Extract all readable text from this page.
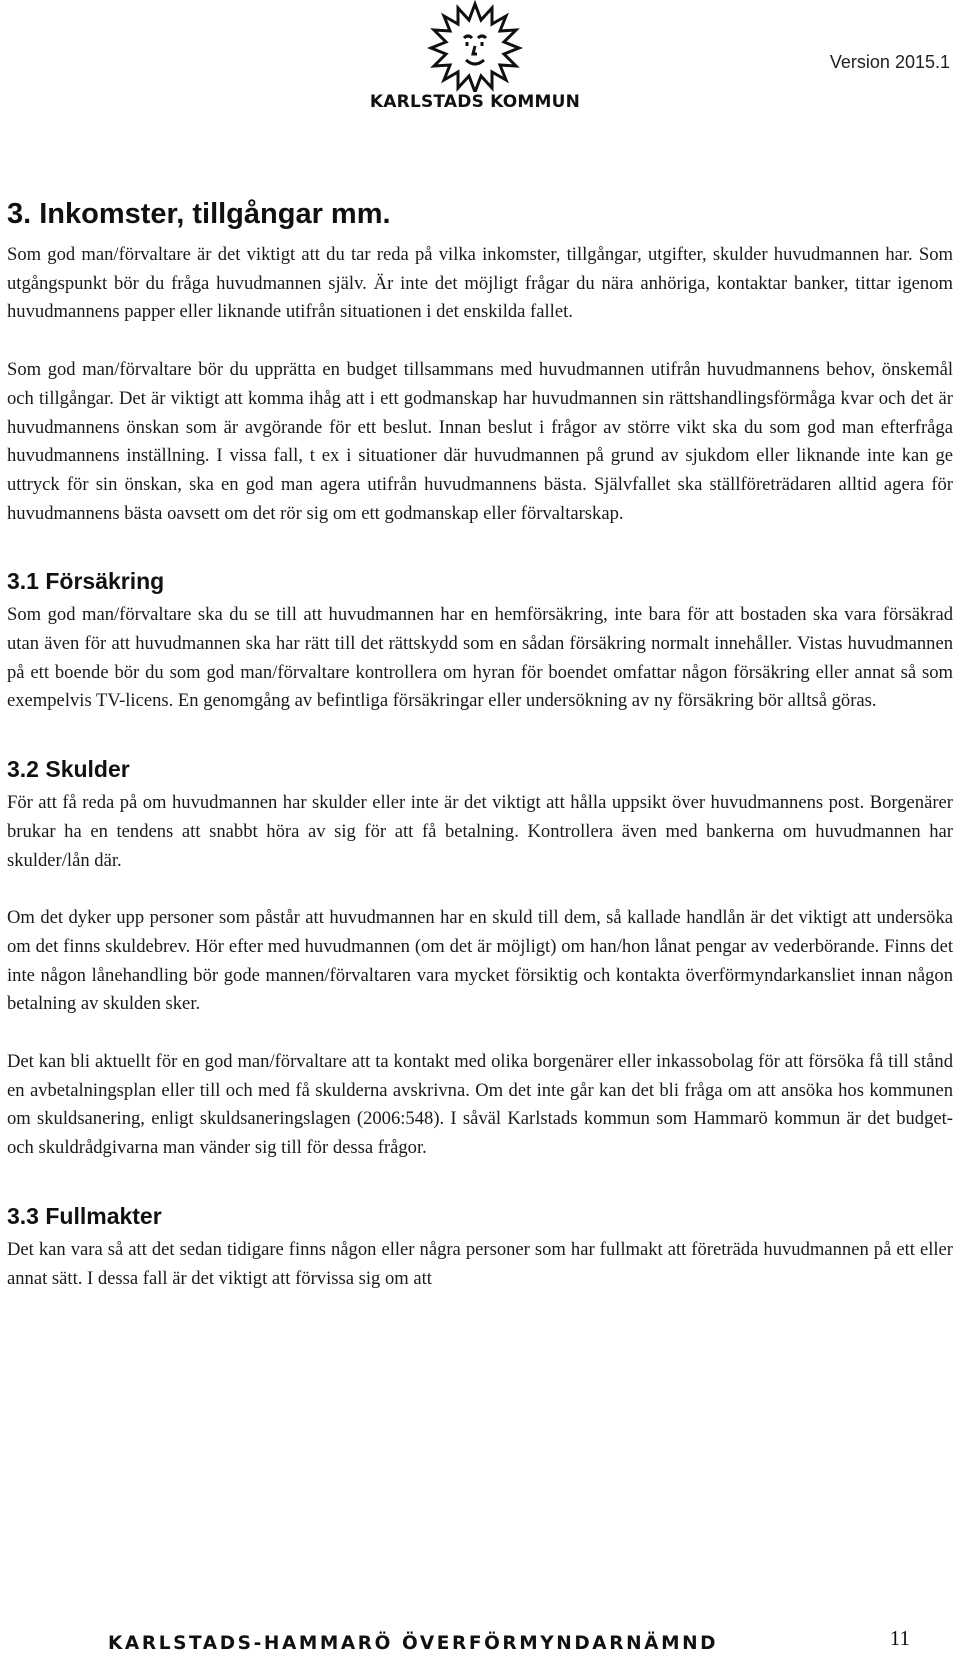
KARLSTADS KOMMUN
Version 2015.1
3. Inkomster, tillgångar mm.

Som god man/förvaltare är det viktigt att du tar reda på vilka inkomster, tillgångar, utgifter, skulder huvudmannen har. Som utgångspunkt bör du fråga huvudmannen själv. Är inte det möjligt frågar du nära anhöriga, kontaktar banker, tittar igenom huvudmannens papper eller liknande utifrån situationen i det enskilda fallet.

Som god man/förvaltare bör du upprätta en budget tillsammans med huvudmannen utifrån huvudmannens behov, önskemål och tillgångar. Det är viktigt att komma ihåg att i ett godmanskap har huvudmannen sin rättshandlingsförmåga kvar och det är huvudmannens önskan som är avgörande för ett beslut. Innan beslut i frågor av större vikt ska du som god man efterfråga huvudmannens inställning. I vissa fall, t ex i situationer där huvudmannen på grund av sjukdom eller liknande inte kan ge uttryck för sin önskan, ska en god man agera utifrån huvudmannens bästa. Självfallet ska ställföreträdaren alltid agera för huvudmannens bästa oavsett om det rör sig om ett godmanskap eller förvaltarskap.

3.1 Försäkring

Som god man/förvaltare ska du se till att huvudmannen har en hemförsäkring, inte bara för att bostaden ska vara försäkrad utan även för att huvudmannen ska har rätt till det rättskydd som en sådan försäkring normalt innehåller. Vistas huvudmannen på ett boende bör du som god man/förvaltare kontrollera om hyran för boendet omfattar någon försäkring eller annat så som exempelvis TV-licens. En genomgång av befintliga försäkringar eller undersökning av ny försäkring bör alltså göras.

3.2 Skulder

För att få reda på om huvudmannen har skulder eller inte är det viktigt att hålla uppsikt över huvudmannens post. Borgenärer brukar ha en tendens att snabbt höra av sig för att få betalning. Kontrollera även med bankerna om huvudmannen har skulder/lån där.

Om det dyker upp personer som påstår att huvudmannen har en skuld till dem, så kallade handlån är det viktigt att undersöka om det finns skuldebrev. Hör efter med huvudmannen (om det är möjligt) om han/hon lånat pengar av vederbörande. Finns det inte någon lånehandling bör gode mannen/förvaltaren vara mycket försiktig och kontakta överförmyndarkansliet innan någon betalning av skulden sker.

Det kan bli aktuellt för en god man/förvaltare att ta kontakt med olika borgenärer eller inkassobolag för att försöka få till stånd en avbetalningsplan eller till och med få skulderna avskrivna. Om det inte går kan det bli fråga om att ansöka hos kommunen om skuldsanering, enligt skuldsaneringslagen (2006:548). I såväl Karlstads kommun som Hammarö kommun är det budget- och skuldrådgivarna man vänder sig till för dessa frågor.

3.3 Fullmakter

Det kan vara så att det sedan tidigare finns någon eller några personer som har fullmakt att företräda huvudmannen på ett eller annat sätt. I dessa fall är det viktigt att förvissa sig om att

KARLSTADS-HAMMARÖ ÖVERFÖRMYNDARNÄMND	11
